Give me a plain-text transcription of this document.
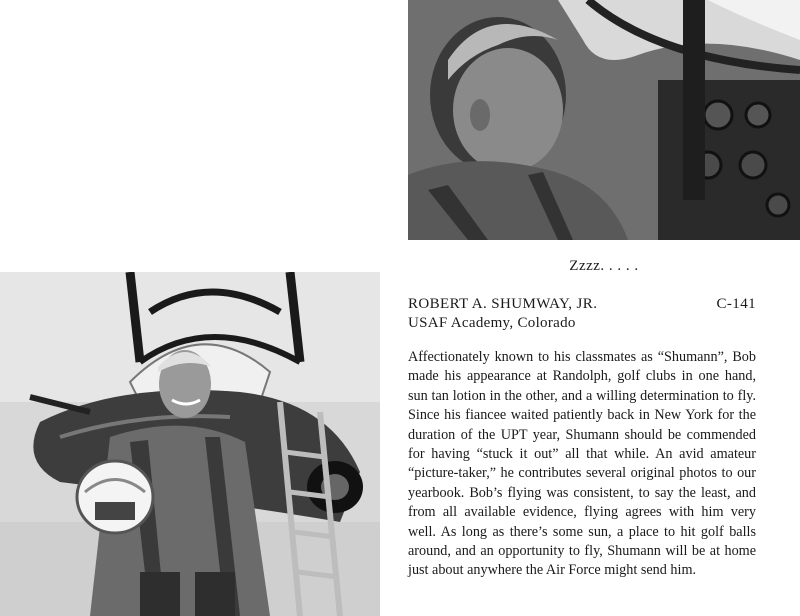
Zzzz. . . . .
ROBERT A. SHUMWAY, JR.	C-141
USAF Academy, Colorado

Affectionately known to his classmates as “Shumann”, Bob made his appearance at Randolph, golf clubs in one hand, sun tan lotion in the other, and a willing determination to fly. Since his fiancee waited patiently back in New York for the duration of the UPT year, Shumann should be commended for having “stuck it out” all that while. An avid amateur “picture-taker,” he contributes several original photos to our yearbook. Bob’s flying was consistent, to say the least, and from all available evidence, flying agrees with him very well. As long as there’s some sun, a place to hit golf balls around, and an opportunity to fly, Shumann will be at home just about anywhere the Air Force might send him.
